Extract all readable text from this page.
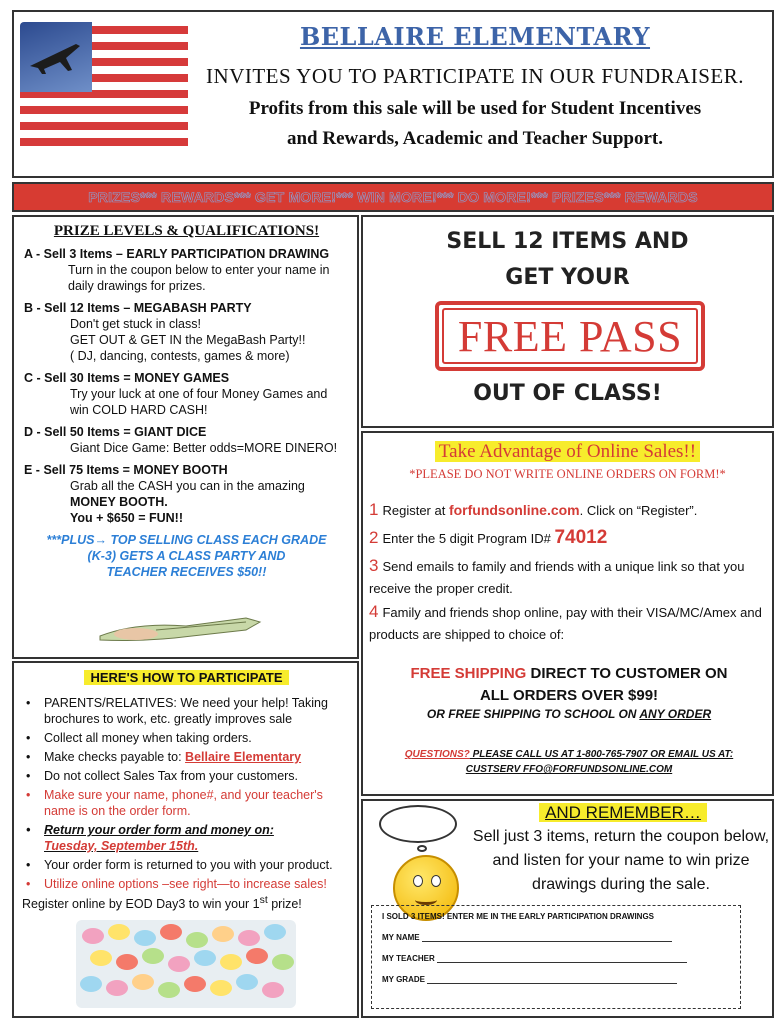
BELLAIRE ELEMENTARY
INVITES YOU TO PARTICIPATE IN OUR FUNDRAISER.
Profits from this sale will be used for Student Incentives
and Rewards, Academic and Teacher Support.
PRIZES*** REWARDS*** GET MORE!*** WIN MORE!*** DO MORE!*** PRIZES*** REWARDS
PRIZE LEVELS & QUALIFICATIONS!
A - Sell 3 Items – EARLY PARTICIPATION DRAWING
Turn in the coupon below to enter your name in
daily drawings for prizes.
B - Sell 12 Items – MEGABASH PARTY
Don't get stuck in class!
GET OUT & GET IN the MegaBash Party!!
( DJ, dancing, contests, games & more)
C - Sell 30 Items = MONEY GAMES
Try your luck at one of four Money Games and
win COLD HARD CASH!
D - Sell 50 Items = GIANT DICE
Giant Dice Game: Better odds=MORE DINERO!
E - Sell 75 Items = MONEY BOOTH
Grab all the CASH you can in the amazing
MONEY BOOTH.
You + $650 = FUN!!
***PLUS→ TOP SELLING CLASS EACH GRADE
(K-3) GETS A CLASS PARTY AND
TEACHER RECEIVES $50!!
SELL 12 ITEMS AND
GET YOUR
FREE PASS
OUT OF CLASS!
Take Advantage of Online Sales!!
*PLEASE DO NOT WRITE ONLINE ORDERS ON FORM!*
1 Register at forfundsonline.com. Click on “Register”.
2 Enter the 5 digit Program ID# 74012
3 Send emails to family and friends with a unique link so that you receive the proper credit.
4 Family and friends shop online, pay with their VISA/MC/Amex and products are shipped to choice of:
FREE SHIPPING DIRECT TO CUSTOMER ON
ALL ORDERS OVER $99!
OR FREE SHIPPING TO SCHOOL ON ANY ORDER
QUESTIONS? PLEASE CALL US AT 1-800-765-7907 OR EMAIL US AT:
CUSTSERV FFO@FORFUNDSONLINE.COM
HERE'S HOW TO PARTICIPATE
• PARENTS/RELATIVES: We need your help! Taking brochures to work, etc. greatly improves sale
• Collect all money when taking orders.
• Make checks payable to: Bellaire Elementary
• Do not collect Sales Tax from your customers.
• Make sure your name, phone#, and your teacher's name is on the order form.
• Return your order form and money on:
Tuesday, September 15th.
• Your order form is returned to you with your product.
• Utilize online options –see right—to increase sales!
Register online by EOD Day3 to win your 1st prize!
AND REMEMBER…
Sell just 3 items, return the coupon below, and listen for your name to win prize drawings during the sale.
I SOLD 3 ITEMS! ENTER ME IN THE EARLY PARTICIPATION DRAWINGS
MY NAME
MY TEACHER
MY GRADE
